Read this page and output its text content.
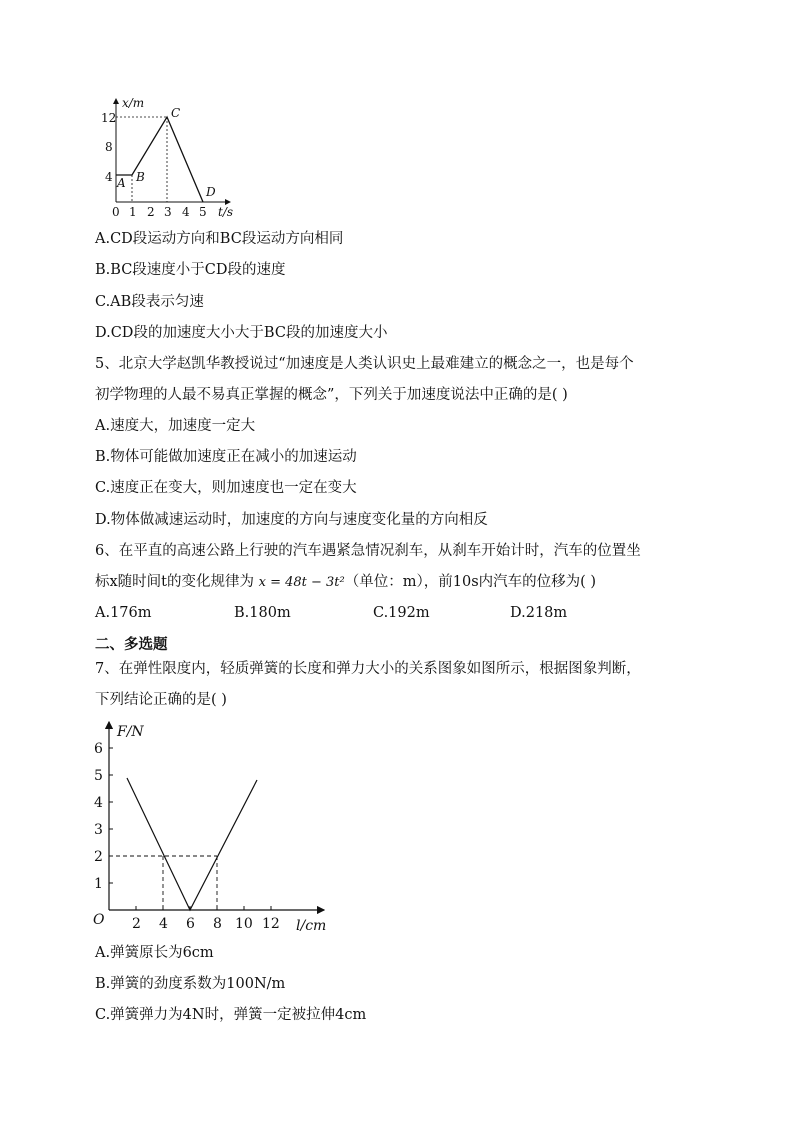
x/m
t/s
12
8
4
0 1 2 3 4 5
A B
C
D
A.CD段运动方向和BC段运动方向相同
B.BC段速度小于CD段的速度
C.AB段表示匀速
D.CD段的加速度大小大于BC段的加速度大小
5、北京大学赵凯华教授说过“加速度是人类认识史上最难建立的概念之一，也是每个
初学物理的人最不易真正掌握的概念”，下列关于加速度说法中正确的是( )
A.速度大，加速度一定大
B.物体可能做加速度正在减小的加速运动
C.速度正在变大，则加速度也一定在变大
D.物体做减速运动时，加速度的方向与速度变化量的方向相反
6、在平直的高速公路上行驶的汽车遇紧急情况刹车，从刹车开始计时，汽车的位置坐
标x随时间t的变化规律为 x = 48t − 3t²（单位：m），前10s内汽车的位移为( )
A.176m	B.180m	C.192m	D.218m
二、多选题
7、在弹性限度内，轻质弹簧的长度和弹力大小的关系图象如图所示，根据图象判断，
下列结论正确的是( )
F/N
l/cm
O
6
5
4
3
2
1
2 4 6 8 10 12
A.弹簧原长为6cm
B.弹簧的劲度系数为100N/m
C.弹簧弹力为4N时，弹簧一定被拉伸4cm
